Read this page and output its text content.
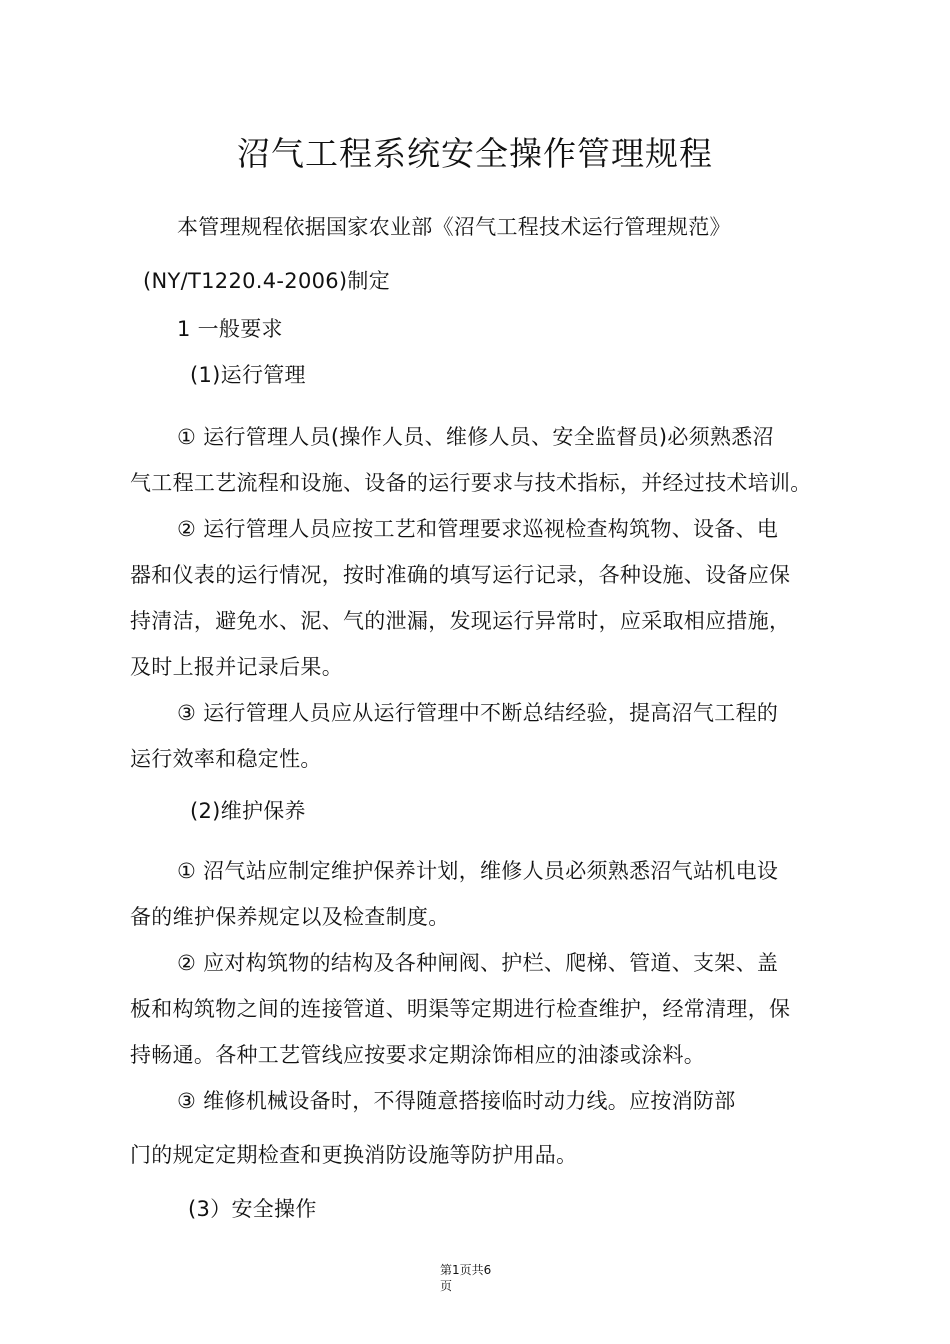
沼气工程系统安全操作管理规程
本管理规程依据国家农业部《沼气工程技术运行管理规范》
(NY/T1220.4-2006)制定
1 一般要求
(1)运行管理
① 运行管理人员(操作人员、维修人员、安全监督员)必须熟悉沼
气工程工艺流程和设施、设备的运行要求与技术指标，并经过技术培训。
② 运行管理人员应按工艺和管理要求巡视检查构筑物、设备、电
器和仪表的运行情况，按时准确的填写运行记录，各种设施、设备应保
持清洁，避免水、泥、气的泄漏，发现运行异常时，应采取相应措施，
及时上报并记录后果。
③ 运行管理人员应从运行管理中不断总结经验，提高沼气工程的
运行效率和稳定性。
(2)维护保养
① 沼气站应制定维护保养计划，维修人员必须熟悉沼气站机电设
备的维护保养规定以及检查制度。
② 应对构筑物的结构及各种闸阀、护栏、爬梯、管道、支架、盖
板和构筑物之间的连接管道、明渠等定期进行检查维护，经常清理，保
持畅通。各种工艺管线应按要求定期涂饰相应的油漆或涂料。
③ 维修机械设备时，不得随意搭接临时动力线。应按消防部
门的规定定期检查和更换消防设施等防护用品。
(3）安全操作
第1页共6
页
